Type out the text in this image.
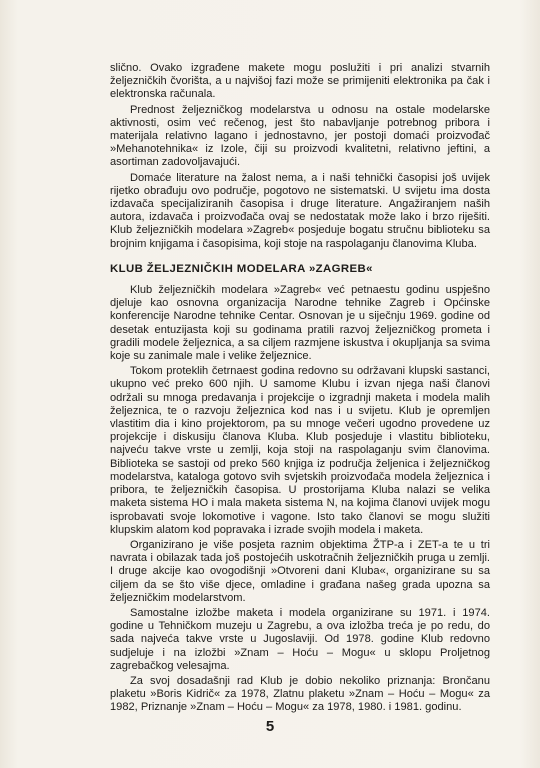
slično. Ovako izgrađene makete mogu poslužiti i pri analizi stvarnih željezničkih čvorišta, a u najvišoj fazi može se primijeniti elektronika pa čak i elektronska računala.

Prednost željezničkog modelarstva u odnosu na ostale modelarske aktivnosti, osim već rečenog, jest što nabavljanje potrebnog pribora i materijala relativno lagano i jednostavno, jer postoji domaći proizvođač »Mehanotehnika« iz Izole, čiji su proizvodi kvalitetni, relativno jeftini, a asortiman zadovoljavajući.

Domaće literature na žalost nema, a i naši tehnički časopisi još uvijek rijetko obrađuju ovo područje, pogotovo ne sistematski. U svijetu ima dosta izdavača specijaliziranih časopisa i druge literature. Angažiranjem naših autora, izdavača i proizvođača ovaj se nedostatak može lako i brzo riješiti. Klub željezničkih modelara »Zagreb« posjeduje bogatu stručnu biblioteku sa brojnim knjigama i časopisima, koji stoje na raspolaganju članovima Kluba.

KLUB ŽELJEZNIČKIH MODELARA »ZAGREB«

Klub željezničkih modelara »Zagreb« već petnaestu godinu uspješno djeluje kao osnovna organizacija Narodne tehnike Zagreb i Općinske konferencije Narodne tehnike Centar. Osnovan je u siječnju 1969. godine od desetak entuzijasta koji su godinama pratili razvoj željezničkog prometa i gradili modele željeznica, a sa ciljem razmjene iskustva i okupljanja sa svima koje su zanimale male i velike željeznice.

Tokom proteklih četrnaest godina redovno su održavani klupski sastanci, ukupno već preko 600 njih. U samome Klubu i izvan njega naši članovi održali su mnoga predavanja i projekcije o izgradnji maketa i modela malih željeznica, te o razvoju željeznica kod nas i u svijetu. Klub je opremljen vlastitim dia i kino projektorom, pa su mnoge večeri ugodno provedene uz projekcije i diskusiju članova Kluba. Klub posjeduje i vlastitu biblioteku, najveću takve vrste u zemlji, koja stoji na raspolaganju svim članovima. Biblioteka se sastoji od preko 560 knjiga iz područja željenica i željezničkog modelarstva, kataloga gotovo svih svjetskih proizvođača modela željeznica i pribora, te željezničkih časopisa. U prostorijama Kluba nalazi se velika maketa sistema HO i mala maketa sistema N, na kojima članovi uvijek mogu isprobavati svoje lokomotive i vagone. Isto tako članovi se mogu služiti klupskim alatom kod popravaka i izrade svojih modela i maketa.

Organizirano je više posjeta raznim objektima ŽTP-a i ZET-a te u tri navrata i obilazak tada još postojećih uskotračnih željezničkih pruga u zemlji. I druge akcije kao ovogodišnji »Otvoreni dani Kluba«, organizirane su sa ciljem da se što više djece, omladine i građana našeg grada upozna sa željezničkim modelarstvom.

Samostalne izložbe maketa i modela organizirane su 1971. i 1974. godine u Tehničkom muzeju u Zagrebu, a ova izložba treća je po redu, do sada najveća takve vrste u Jugoslaviji. Od 1978. godine Klub redovno sudjeluje i na izložbi »Znam – Hoću – Mogu« u sklopu Proljetnog zagrebačkog velesajma.

Za svoj dosadašnji rad Klub je dobio nekoliko priznanja: Brončanu plaketu »Boris Kidrič« za 1978, Zlatnu plaketu »Znam – Hoću – Mogu« za 1982, Priznanje »Znam – Hoću – Mogu« za 1978, 1980. i 1981. godinu.

5
